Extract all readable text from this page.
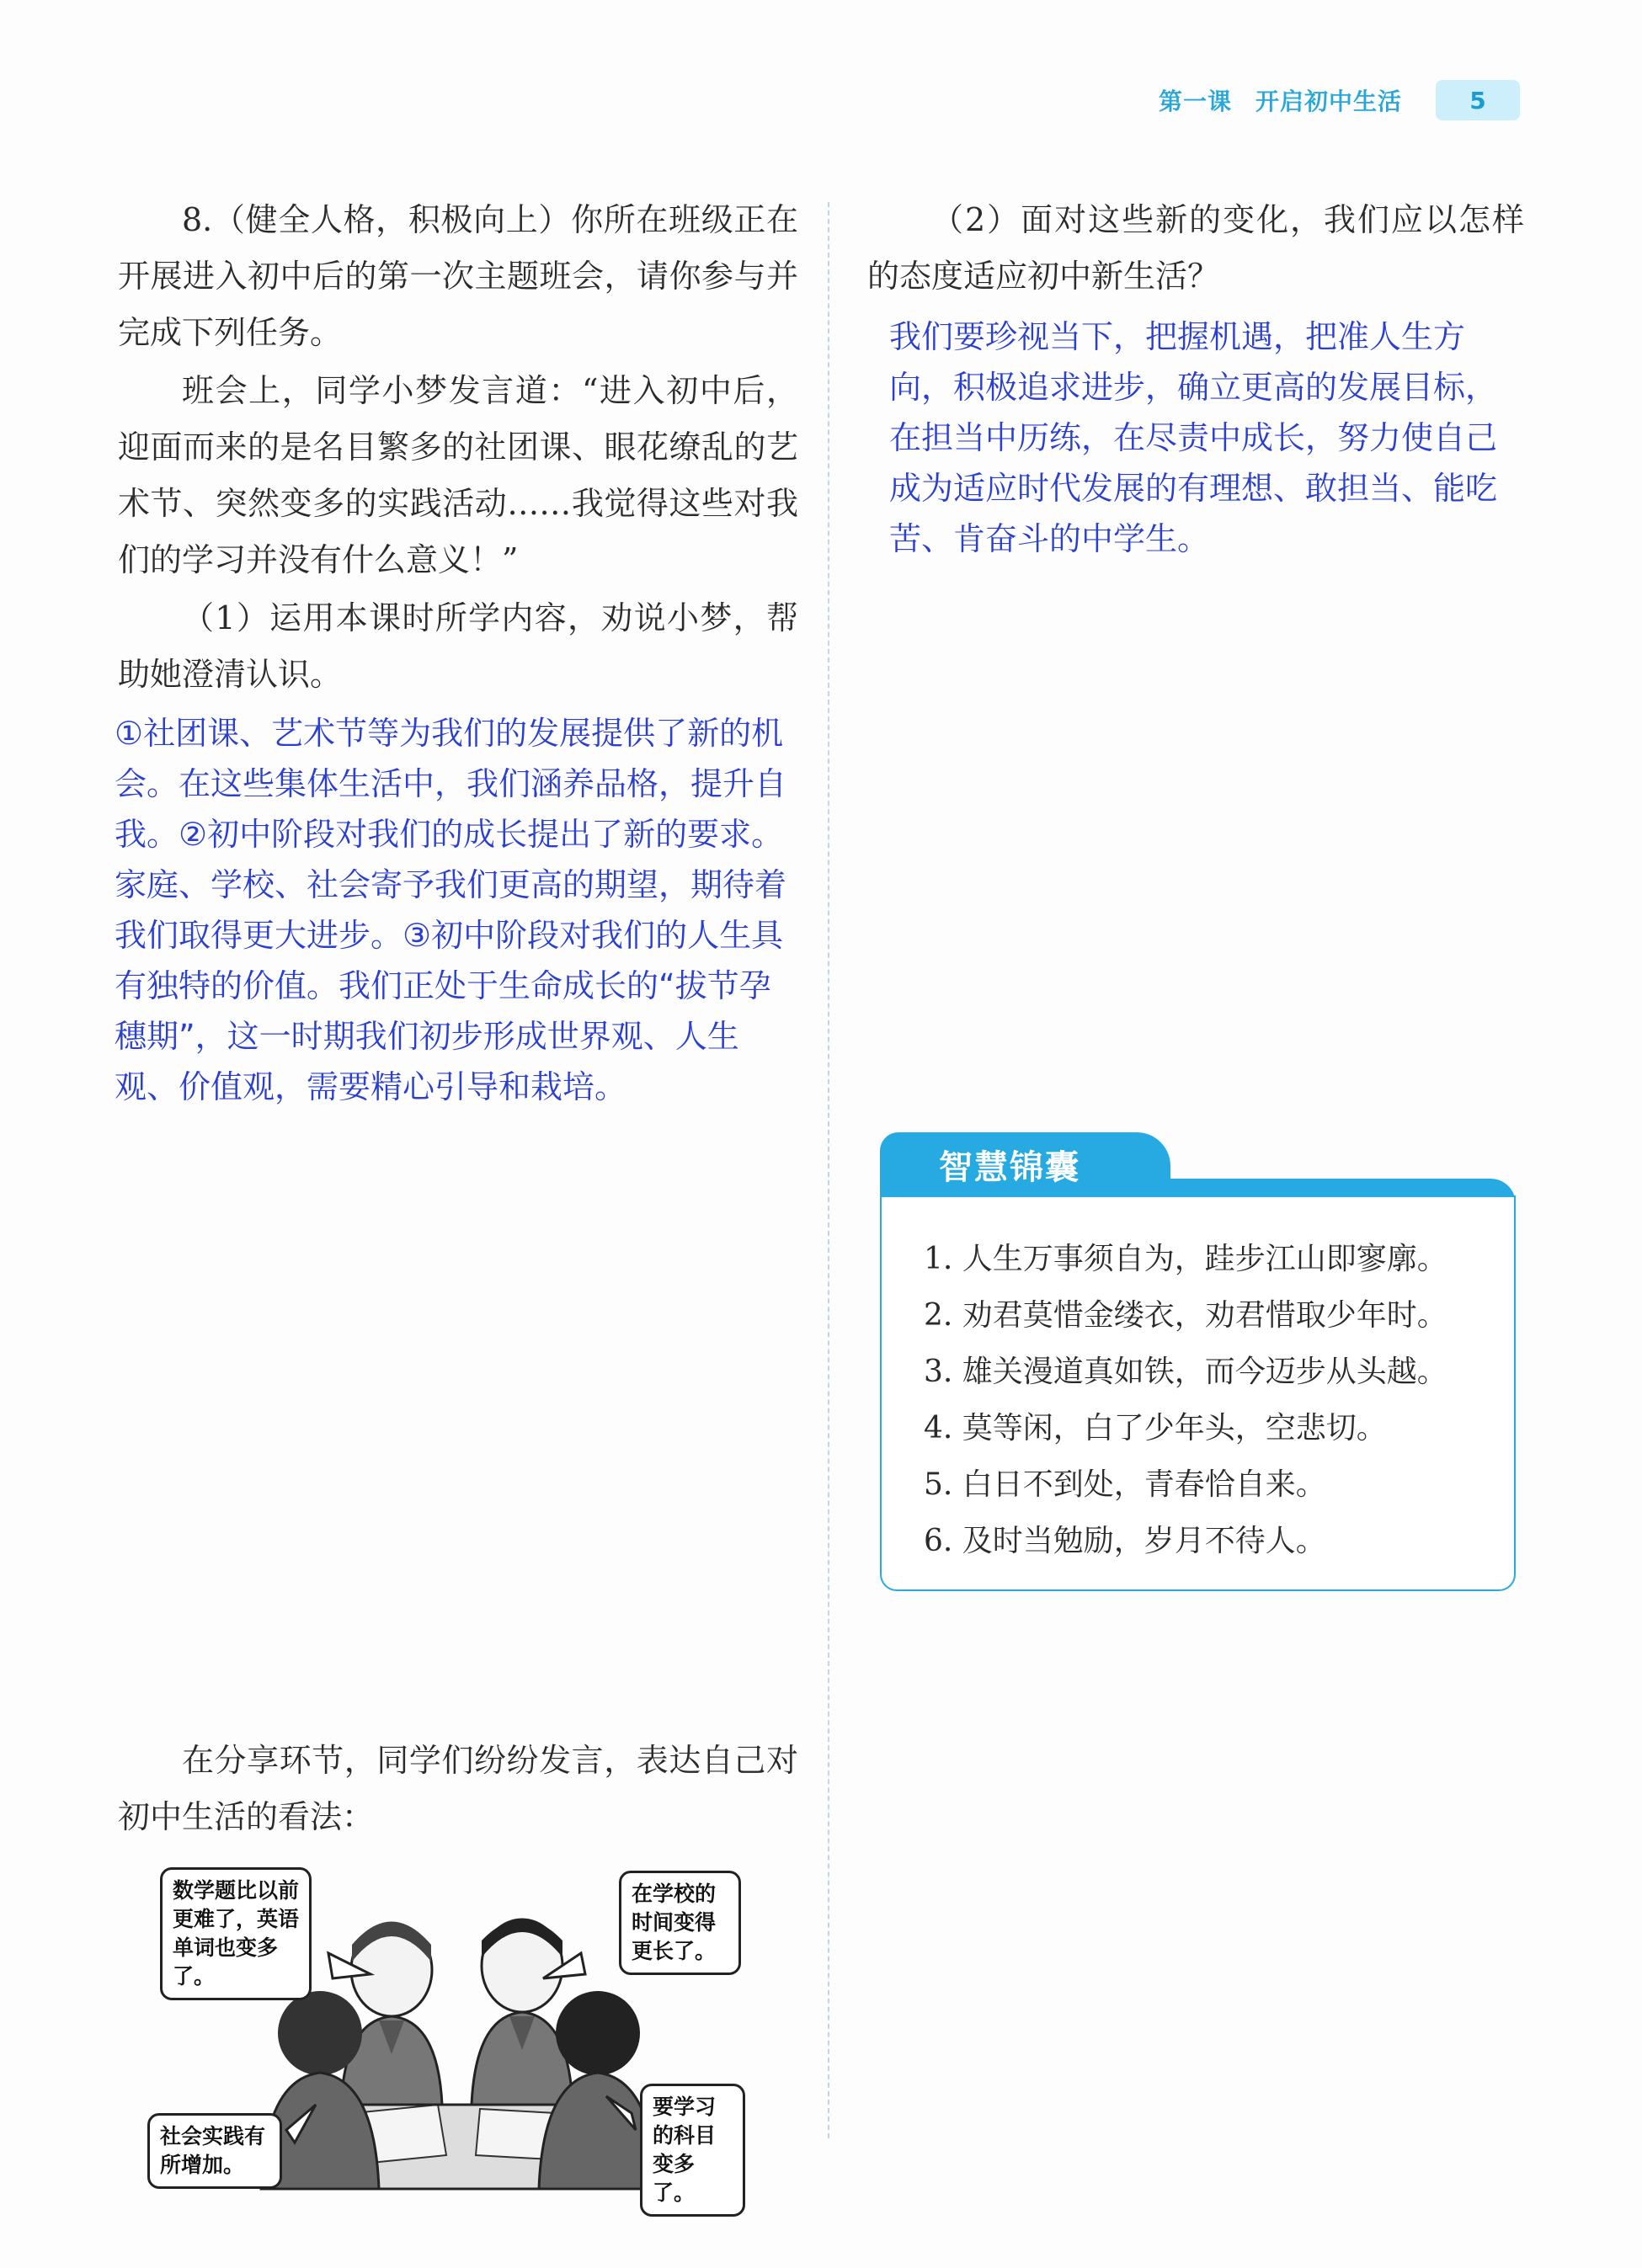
第一课 开启初中生活	5

8.（健全人格，积极向上）你所在班级正在开展进入初中后的第一次主题班会，请你参与并完成下列任务。

班会上，同学小梦发言道：“进入初中后，迎面而来的是名目繁多的社团课、眼花缭乱的艺术节、突然变多的实践活动……我觉得这些对我们的学习并没有什么意义！”

（1）运用本课时所学内容，劝说小梦，帮助她澄清认识。

①社团课、艺术节等为我们的发展提供了新的机会。在这些集体生活中，我们涵养品格，提升自我。②初中阶段对我们的成长提出了新的要求。家庭、学校、社会寄予我们更高的期望，期待着我们取得更大进步。③初中阶段对我们的人生具有独特的价值。我们正处于生命成长的“拔节孕穗期”，这一时期我们初步形成世界观、人生观、价值观，需要精心引导和栽培。

在分享环节，同学们纷纷发言，表达自己对初中生活的看法：

（2）面对这些新的变化，我们应以怎样的态度适应初中新生活？

我们要珍视当下，把握机遇，把准人生方向，积极追求进步，确立更高的发展目标，在担当中历练，在尽责中成长，努力使自己成为适应时代发展的有理想、敢担当、能吃苦、肯奋斗的中学生。

智慧锦囊

1. 人生万事须自为，跬步江山即寥廓。

2. 劝君莫惜金缕衣，劝君惜取少年时。

3. 雄关漫道真如铁，而今迈步从头越。

4. 莫等闲，白了少年头，空悲切。

5. 白日不到处，青春恰自来。

6. 及时当勉励，岁月不待人。

数学题比以前更难了，英语单词也变多了。
在学校的时间变得更长了。
社会实践有所增加。
要学习的科目变多了。
